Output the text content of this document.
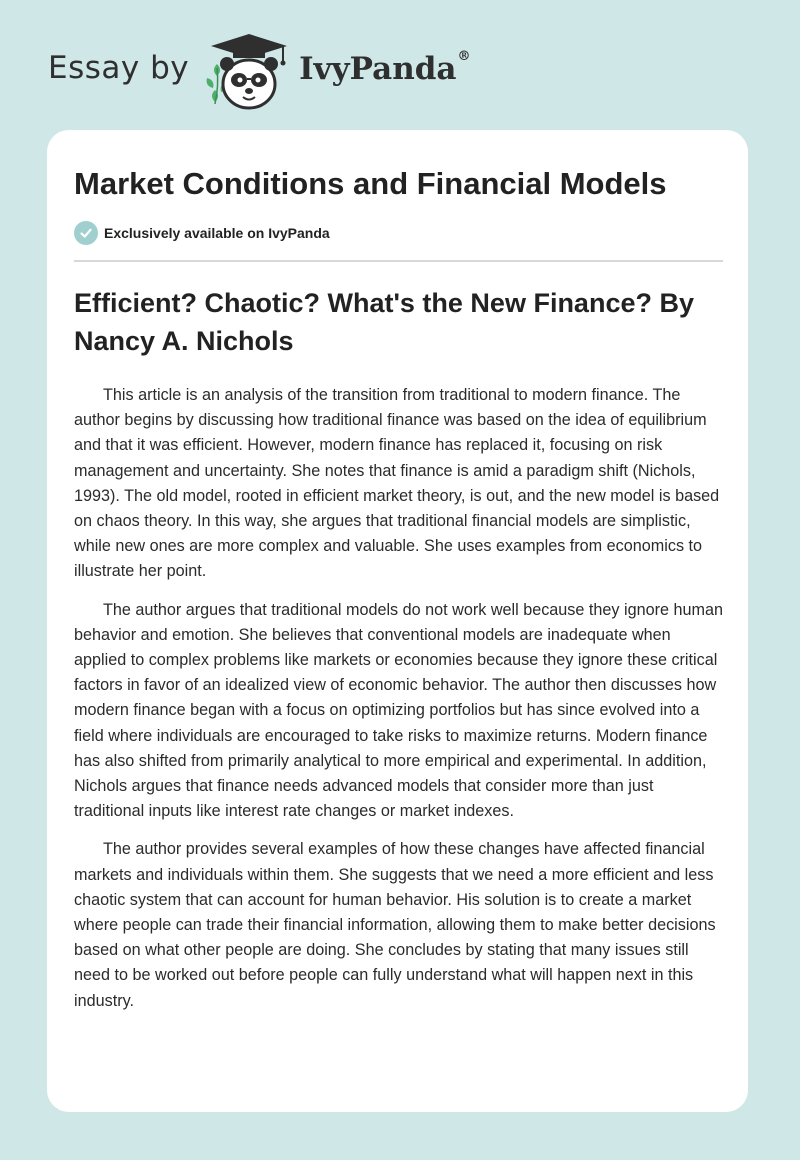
Essay by	IvyPanda®
Market Conditions and Financial Models
Exclusively available on IvyPanda
Efficient? Chaotic? What's the New Finance? By Nancy A. Nichols

This article is an analysis of the transition from traditional to modern finance. The author begins by discussing how traditional finance was based on the idea of equilibrium and that it was efficient. However, modern finance has replaced it, focusing on risk management and uncertainty. She notes that finance is amid a paradigm shift (Nichols, 1993). The old model, rooted in efficient market theory, is out, and the new model is based on chaos theory. In this way, she argues that traditional financial models are simplistic, while new ones are more complex and valuable. She uses examples from economics to illustrate her point.

The author argues that traditional models do not work well because they ignore human behavior and emotion. She believes that conventional models are inadequate when applied to complex problems like markets or economies because they ignore these critical factors in favor of an idealized view of economic behavior. The author then discusses how modern finance began with a focus on optimizing portfolios but has since evolved into a field where individuals are encouraged to take risks to maximize returns. Modern finance has also shifted from primarily analytical to more empirical and experimental. In addition, Nichols argues that finance needs advanced models that consider more than just traditional inputs like interest rate changes or market indexes.

The author provides several examples of how these changes have affected financial markets and individuals within them. She suggests that we need a more efficient and less chaotic system that can account for human behavior. His solution is to create a market where people can trade their financial information, allowing them to make better decisions based on what other people are doing. She concludes by stating that many issues still need to be worked out before people can fully understand what will happen next in this industry.
